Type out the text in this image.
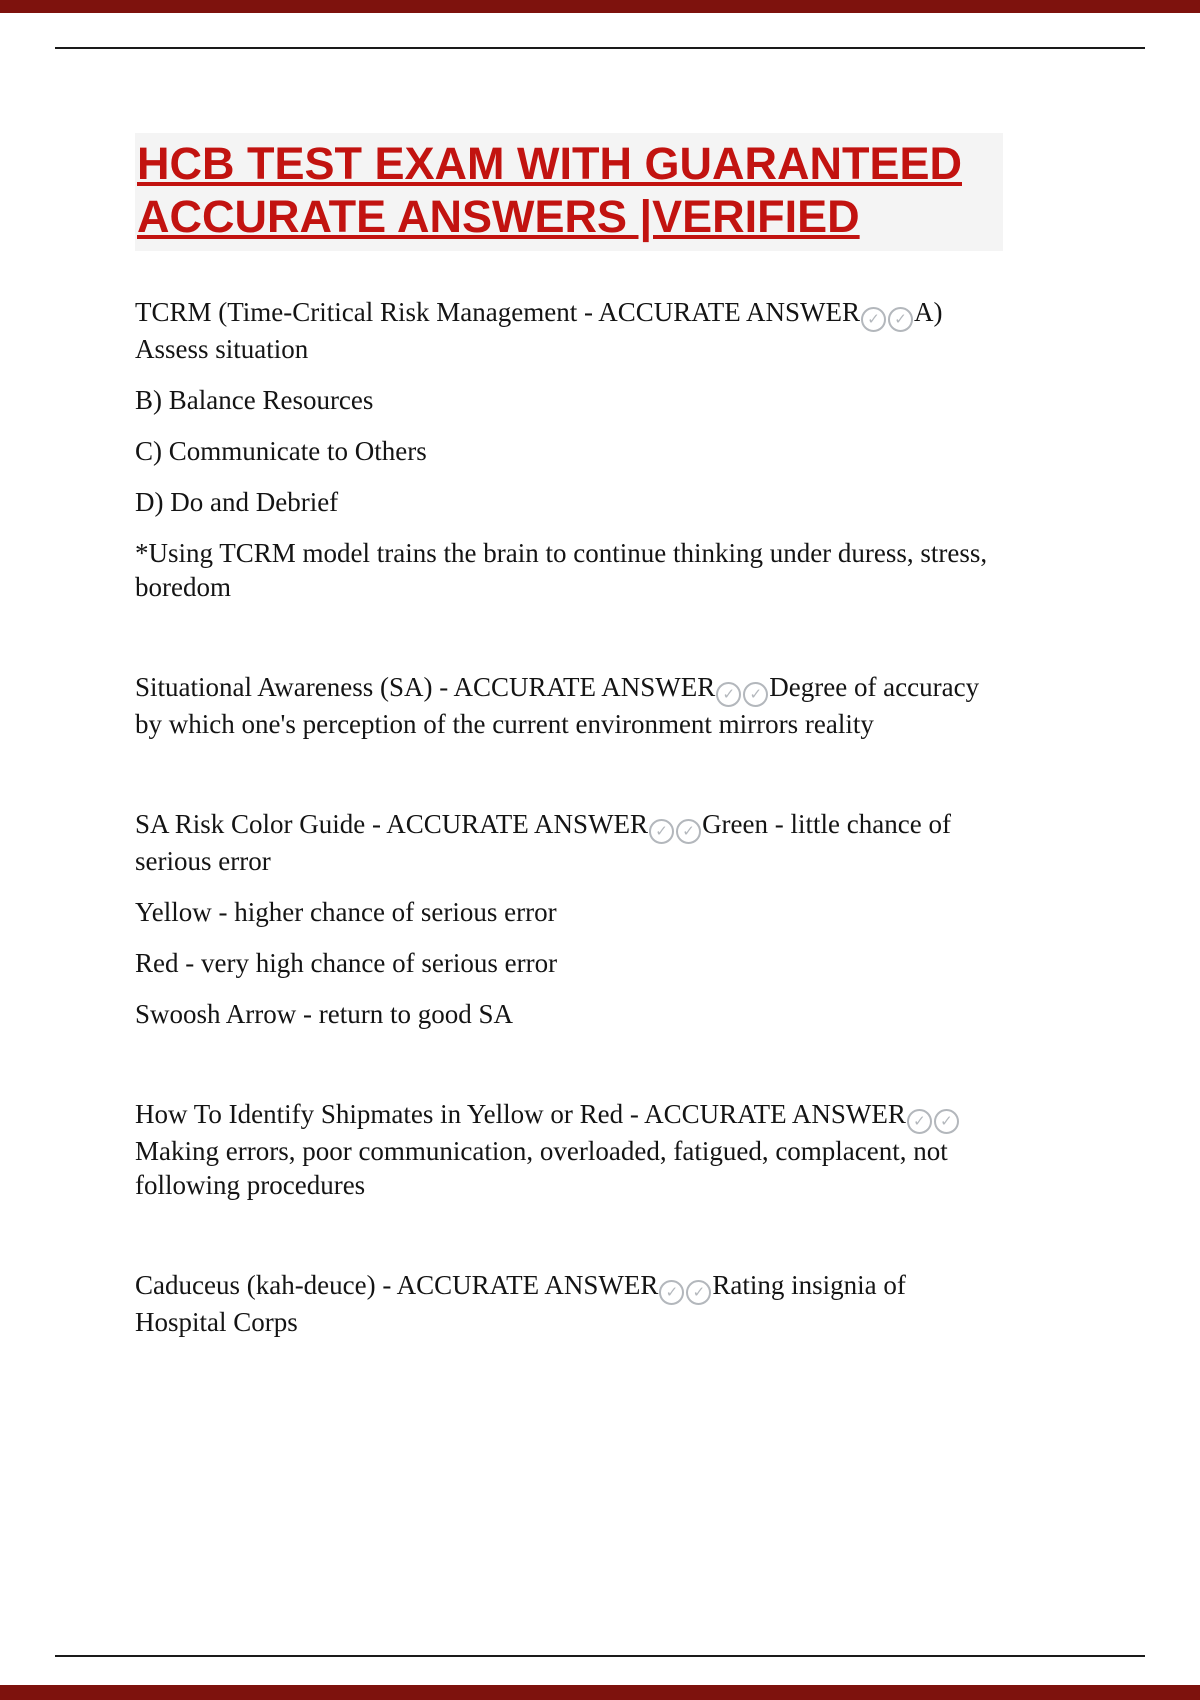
HCB TEST EXAM WITH GUARANTEED ACCURATE ANSWERS |VERIFIED

TCRM (Time-Critical Risk Management - ACCURATE ANSWER ✓ ✓ A) Assess situation

B) Balance Resources

C) Communicate to Others

D) Do and Debrief

*Using TCRM model trains the brain to continue thinking under duress, stress, boredom

Situational Awareness (SA) - ACCURATE ANSWER ✓ ✓ Degree of accuracy by which one's perception of the current environment mirrors reality

SA Risk Color Guide - ACCURATE ANSWER ✓ ✓ Green - little chance of serious error

Yellow - higher chance of serious error

Red - very high chance of serious error

Swoosh Arrow - return to good SA

How To Identify Shipmates in Yellow or Red - ACCURATE ANSWER ✓ ✓Making errors, poor communication, overloaded, fatigued, complacent, not following procedures

Caduceus (kah-deuce) - ACCURATE ANSWER ✓ ✓ Rating insignia of Hospital Corps
